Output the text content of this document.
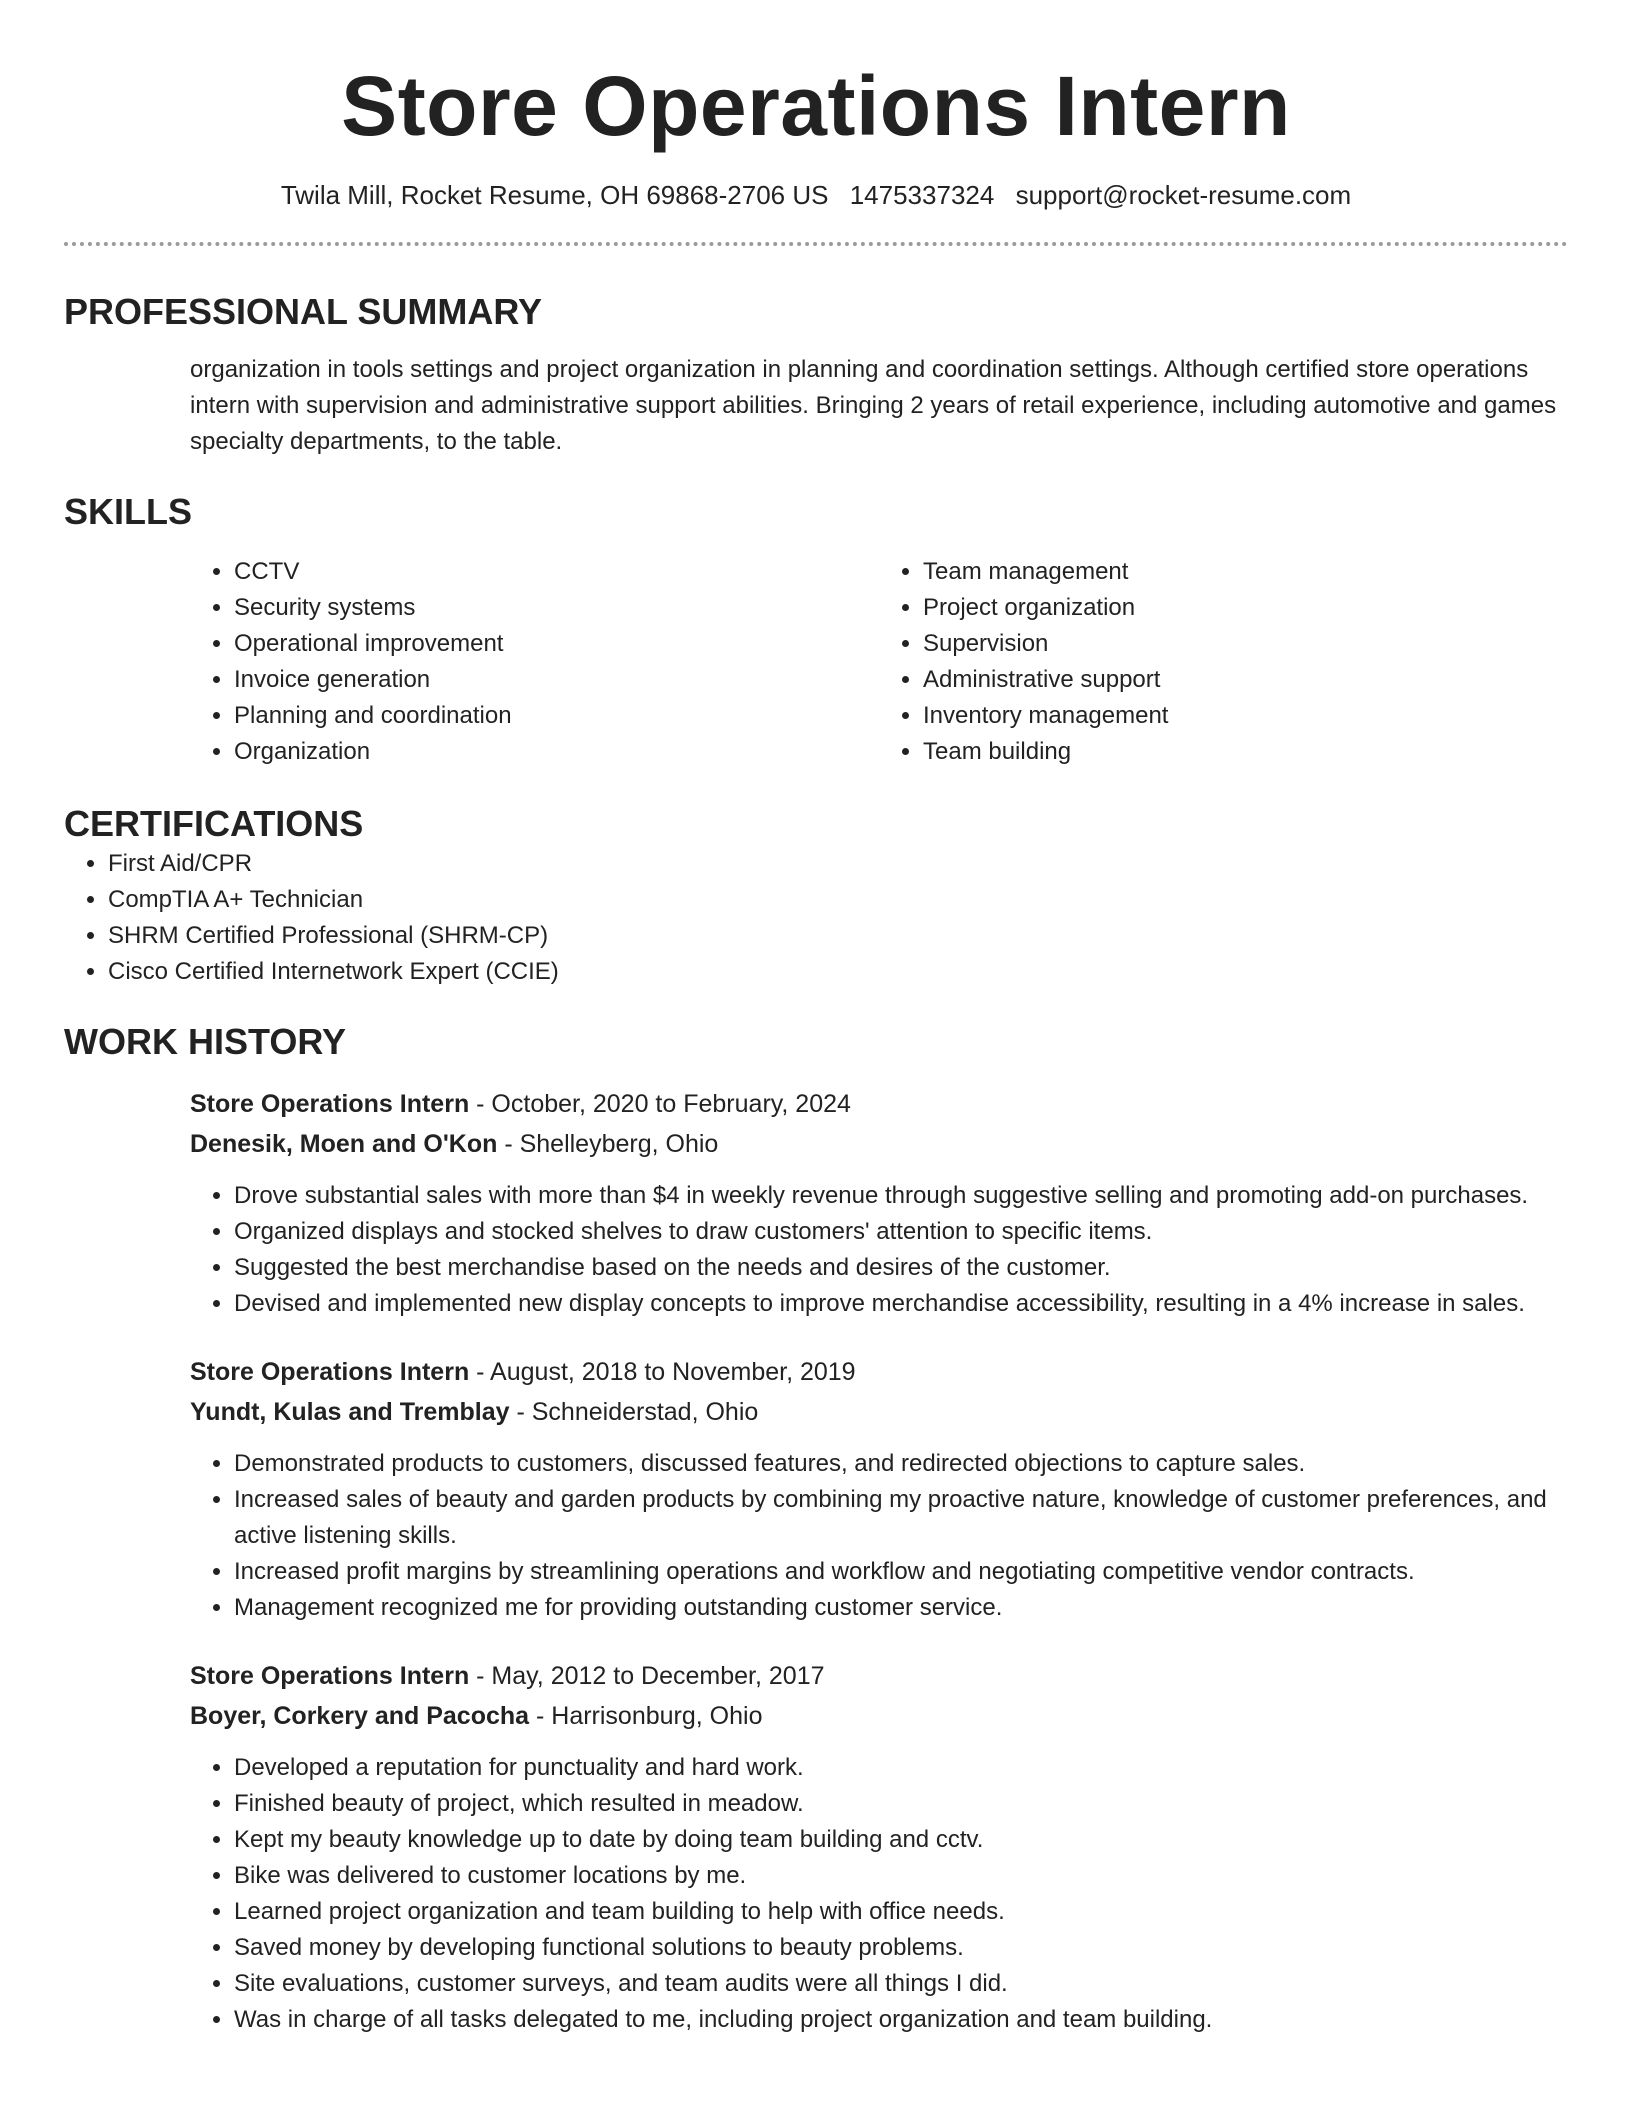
Store Operations Intern
Twila Mill, Rocket Resume, OH 69868-2706 US 1475337324 support@rocket-resume.com
PROFESSIONAL SUMMARY
organization in tools settings and project organization in planning and coordination settings. Although certified store operations intern with supervision and administrative support abilities. Bringing 2 years of retail experience, including automotive and games specialty departments, to the table.
SKILLS
• CCTV
• Security systems
• Operational improvement
• Invoice generation
• Planning and coordination
• Organization
• Team management
• Project organization
• Supervision
• Administrative support
• Inventory management
• Team building
CERTIFICATIONS
• First Aid/CPR
• CompTIA A+ Technician
• SHRM Certified Professional (SHRM-CP)
• Cisco Certified Internetwork Expert (CCIE)
WORK HISTORY
Store Operations Intern - October, 2020 to February, 2024
Denesik, Moen and O'Kon - Shelleyberg, Ohio
• Drove substantial sales with more than $4 in weekly revenue through suggestive selling and promoting add-on purchases.
• Organized displays and stocked shelves to draw customers' attention to specific items.
• Suggested the best merchandise based on the needs and desires of the customer.
• Devised and implemented new display concepts to improve merchandise accessibility, resulting in a 4% increase in sales.
Store Operations Intern - August, 2018 to November, 2019
Yundt, Kulas and Tremblay - Schneiderstad, Ohio
• Demonstrated products to customers, discussed features, and redirected objections to capture sales.
• Increased sales of beauty and garden products by combining my proactive nature, knowledge of customer preferences, and active listening skills.
• Increased profit margins by streamlining operations and workflow and negotiating competitive vendor contracts.
• Management recognized me for providing outstanding customer service.
Store Operations Intern - May, 2012 to December, 2017
Boyer, Corkery and Pacocha - Harrisonburg, Ohio
• Developed a reputation for punctuality and hard work.
• Finished beauty of project, which resulted in meadow.
• Kept my beauty knowledge up to date by doing team building and cctv.
• Bike was delivered to customer locations by me.
• Learned project organization and team building to help with office needs.
• Saved money by developing functional solutions to beauty problems.
• Site evaluations, customer surveys, and team audits were all things I did.
• Was in charge of all tasks delegated to me, including project organization and team building.
